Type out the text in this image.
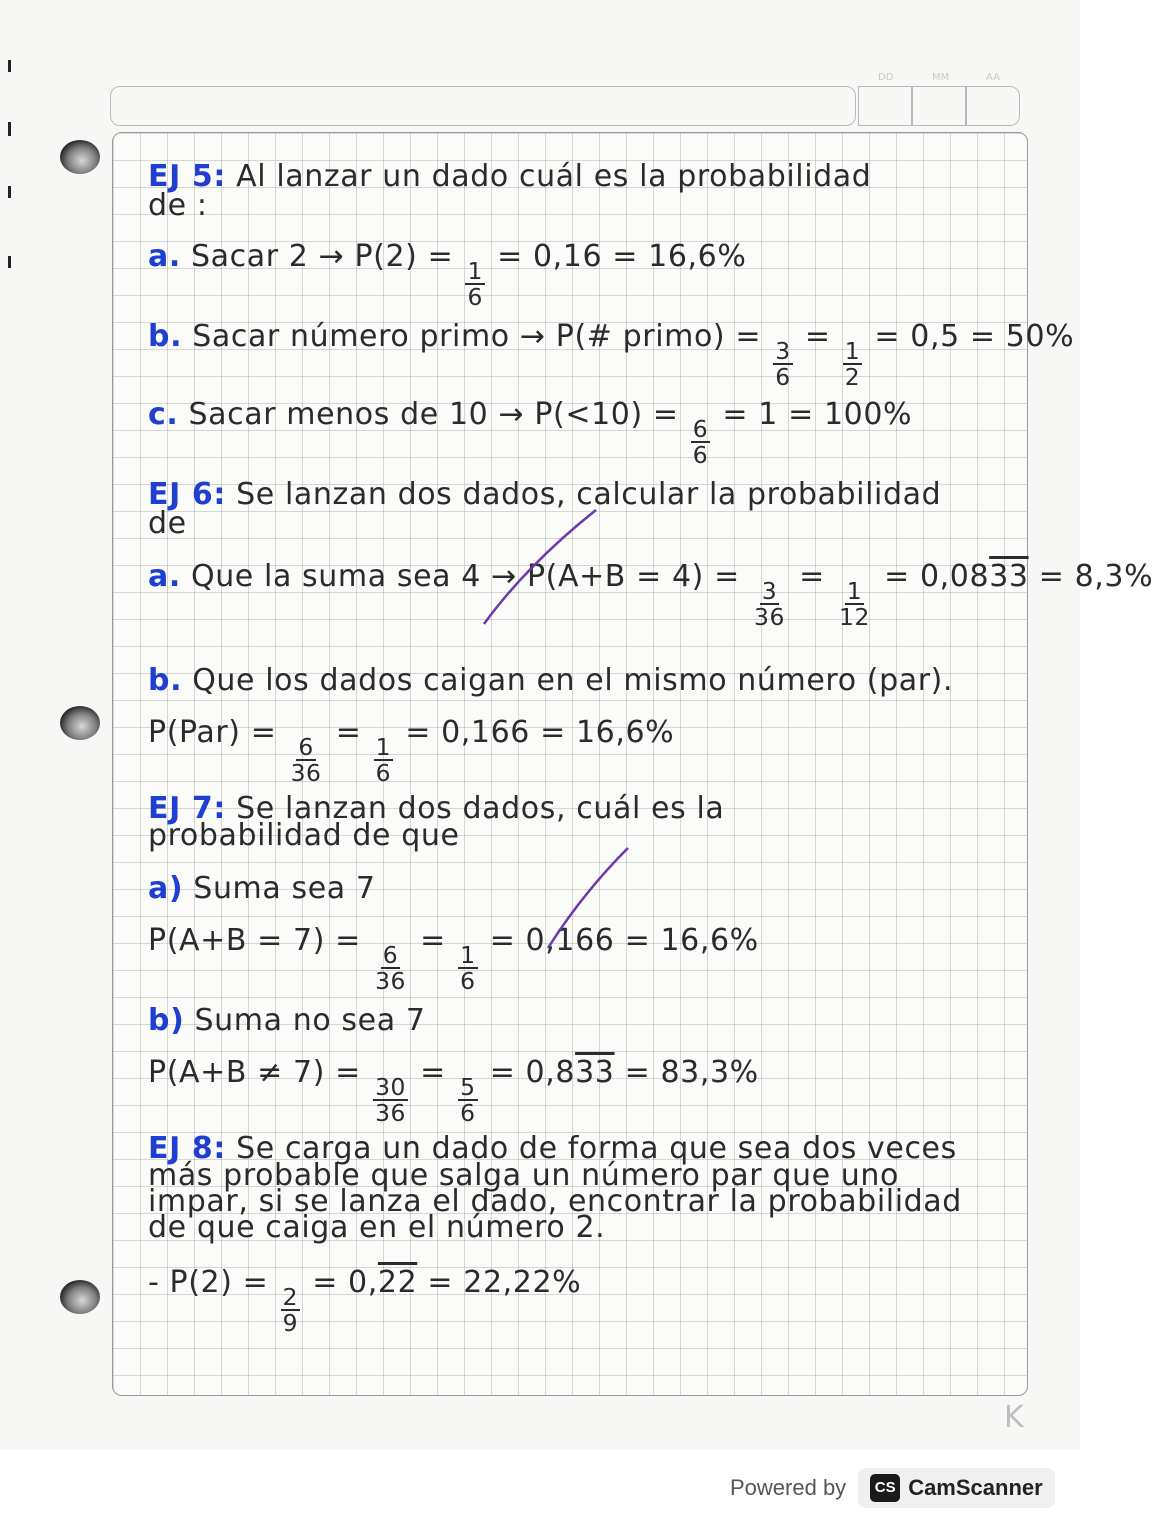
DD	MM	AA
EJ 5: Al lanzar un dado cuál es la probabilidad
de :
a. Sacar 2 → P(2) =
$\frac{1}{6}$
= 0,16 = 16,6%
b. Sacar número primo → P(# primo) =
$\frac{3}{6}$
=
$\frac{1}{2}$
= 0,5 = 50%
c. Sacar menos de 10 → P(<10) =
$\frac{6}{6}$
= 1 = 100%
EJ 6: Se lanzan dos dados, calcular la probabilidad
de
a. Que la suma sea 4 → P(A+B = 4) =
$\frac{3}{36}$
=
$\frac{1}{12}$
= 0,0833 = 8,3%
b. Que los dados caigan en el mismo número (par).
P(Par) =
$\frac{6}{36}$
=
$\frac{1}{6}$
= 0,166 = 16,6%
EJ 7: Se lanzan dos dados, cuál es la
probabilidad de que
a) Suma sea 7
P(A+B = 7) =
$\frac{6}{36}$
=
$\frac{1}{6}$
= 0,166 = 16,6%
b) Suma no sea 7
P(A+B ≠ 7) =
$\frac{30}{36}$
=
$\frac{5}{6}$
= 0,833 = 83,3%
EJ 8: Se carga un dado de forma que sea dos veces
más probable que salga un número par que uno
impar, si se lanza el dado, encontrar la probabilidad
de que caiga en el número 2.
- P(2) =
$\frac{2}{9}$
= 0,22 = 22,22%
K
Powered by	CS CamScanner
